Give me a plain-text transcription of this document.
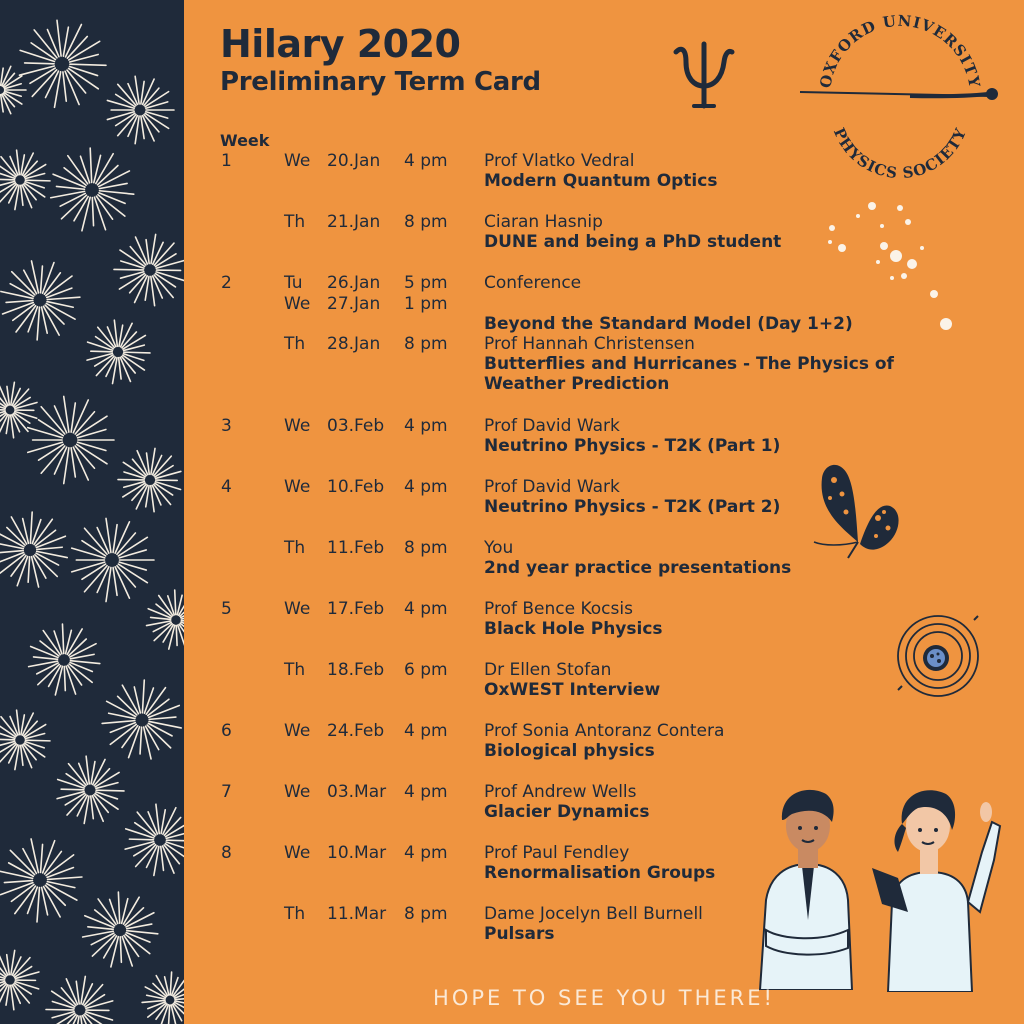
Hilary 2020
Preliminary Term Card	OXFORD UNIVERSITY
PHYSICS SOCIETY
Week
1	We 20.Jan 4 pm Prof Vlatko Vedral
Modern Quantum Optics
Th 21.Jan 8 pm Ciaran Hasnip
DUNE and being a PhD student
2	Tu 26.Jan 5 pm Conference
We 27.Jan 1 pm
Beyond the Standard Model (Day 1+2)
Th 28.Jan 8 pm Prof Hannah Christensen
Butterflies and Hurricanes - The Physics of
Weather Prediction
3	We 03.Feb 4 pm Prof David Wark
Neutrino Physics - T2K (Part 1)
4	We 10.Feb 4 pm Prof David Wark
Neutrino Physics - T2K (Part 2)
Th 11.Feb 8 pm You
2nd year practice presentations
5	We 17.Feb 4 pm Prof Bence Kocsis
Black Hole Physics
Th 18.Feb 6 pm Dr Ellen Stofan
OxWEST Interview
6	We 24.Feb 4 pm Prof Sonia Antoranz Contera
Biological physics
7	We 03.Mar 4 pm Prof Andrew Wells
Glacier Dynamics
8	We 10.Mar 4 pm Prof Paul Fendley
Renormalisation Groups
Th 11.Mar 8 pm Dame Jocelyn Bell Burnell
Pulsars
HOPE TO SEE YOU THERE!
